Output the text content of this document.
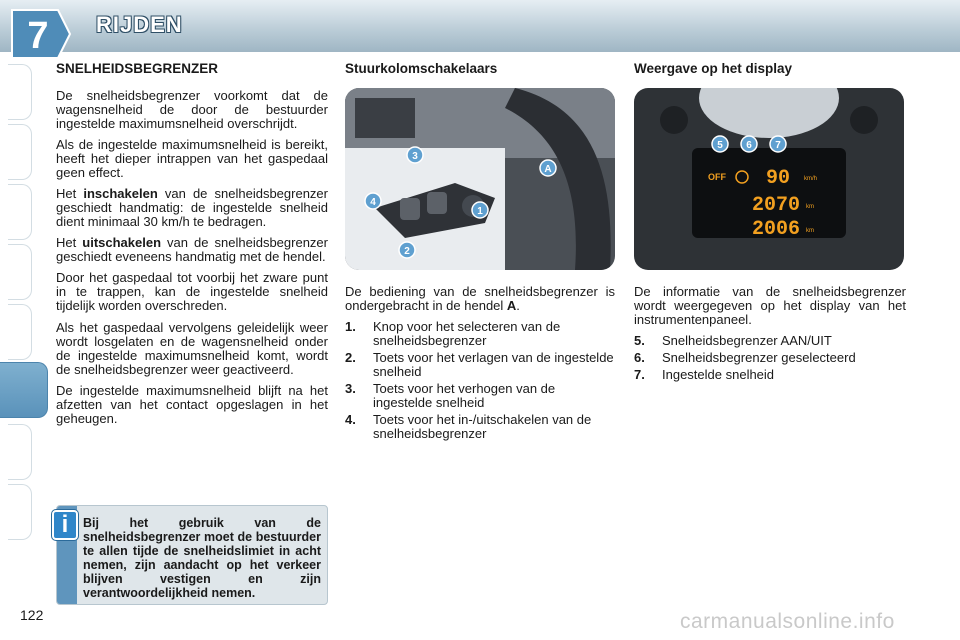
7 RIJDEN
SNELHEIDSBEGRENZER

De snelheidsbegrenzer voorkomt dat de wagensnelheid de door de bestuurder ingestelde maximumsnelheid overschrijdt.

Als de ingestelde maximumsnelheid is bereikt, heeft het dieper intrappen van het gaspedaal geen effect.

Het inschakelen van de snelheidsbegrenzer geschiedt handmatig: de ingestelde snelheid dient minimaal 30 km/h te bedragen.

Het uitschakelen van de snelheidsbegrenzer geschiedt eveneens handmatig met de hendel.

Door het gaspedaal tot voorbij het zware punt in te trappen, kan de ingestelde snelheid tijdelijk worden overschreden.

Als het gaspedaal vervolgens geleidelijk weer wordt losgelaten en de wagensnelheid onder de ingestelde maximumsnelheid komt, wordt de snelheidsbegrenzer weer geactiveerd.

De ingestelde maximumsnelheid blijft na het afzetten van het contact opgeslagen in het geheugen.

Stuurkolomschakelaars
4
3
1
2
A

De bediening van de snelheidsbegrenzer is ondergebracht in de hendel A.

1.	Knop voor het selecteren van de snelheidsbegrenzer
2.	Toets voor het verlagen van de ingestelde snelheid
3.	Toets voor het verhogen van de ingestelde snelheid
4.	Toets voor het in-/uitschakelen van de snelheidsbegrenzer
Weergave op het display
OFF 90 km/h
2070 km
2006 km
5 6 7

De informatie van de snelheidsbegrenzer wordt weergegeven op het display van het instrumentenpaneel.

5.	Snelheidsbegrenzer AAN/UIT
6.	Snelheidsbegrenzer geselecteerd
7.	Ingestelde snelheid
Bij het gebruik van de snelheidsbegrenzer moet de bestuurder te allen tijde de snelheidslimiet in acht nemen, zijn aandacht op het verkeer blijven vestigen en zijn verantwoordelijkheid nemen.
i
122	carmanualsonline.info
